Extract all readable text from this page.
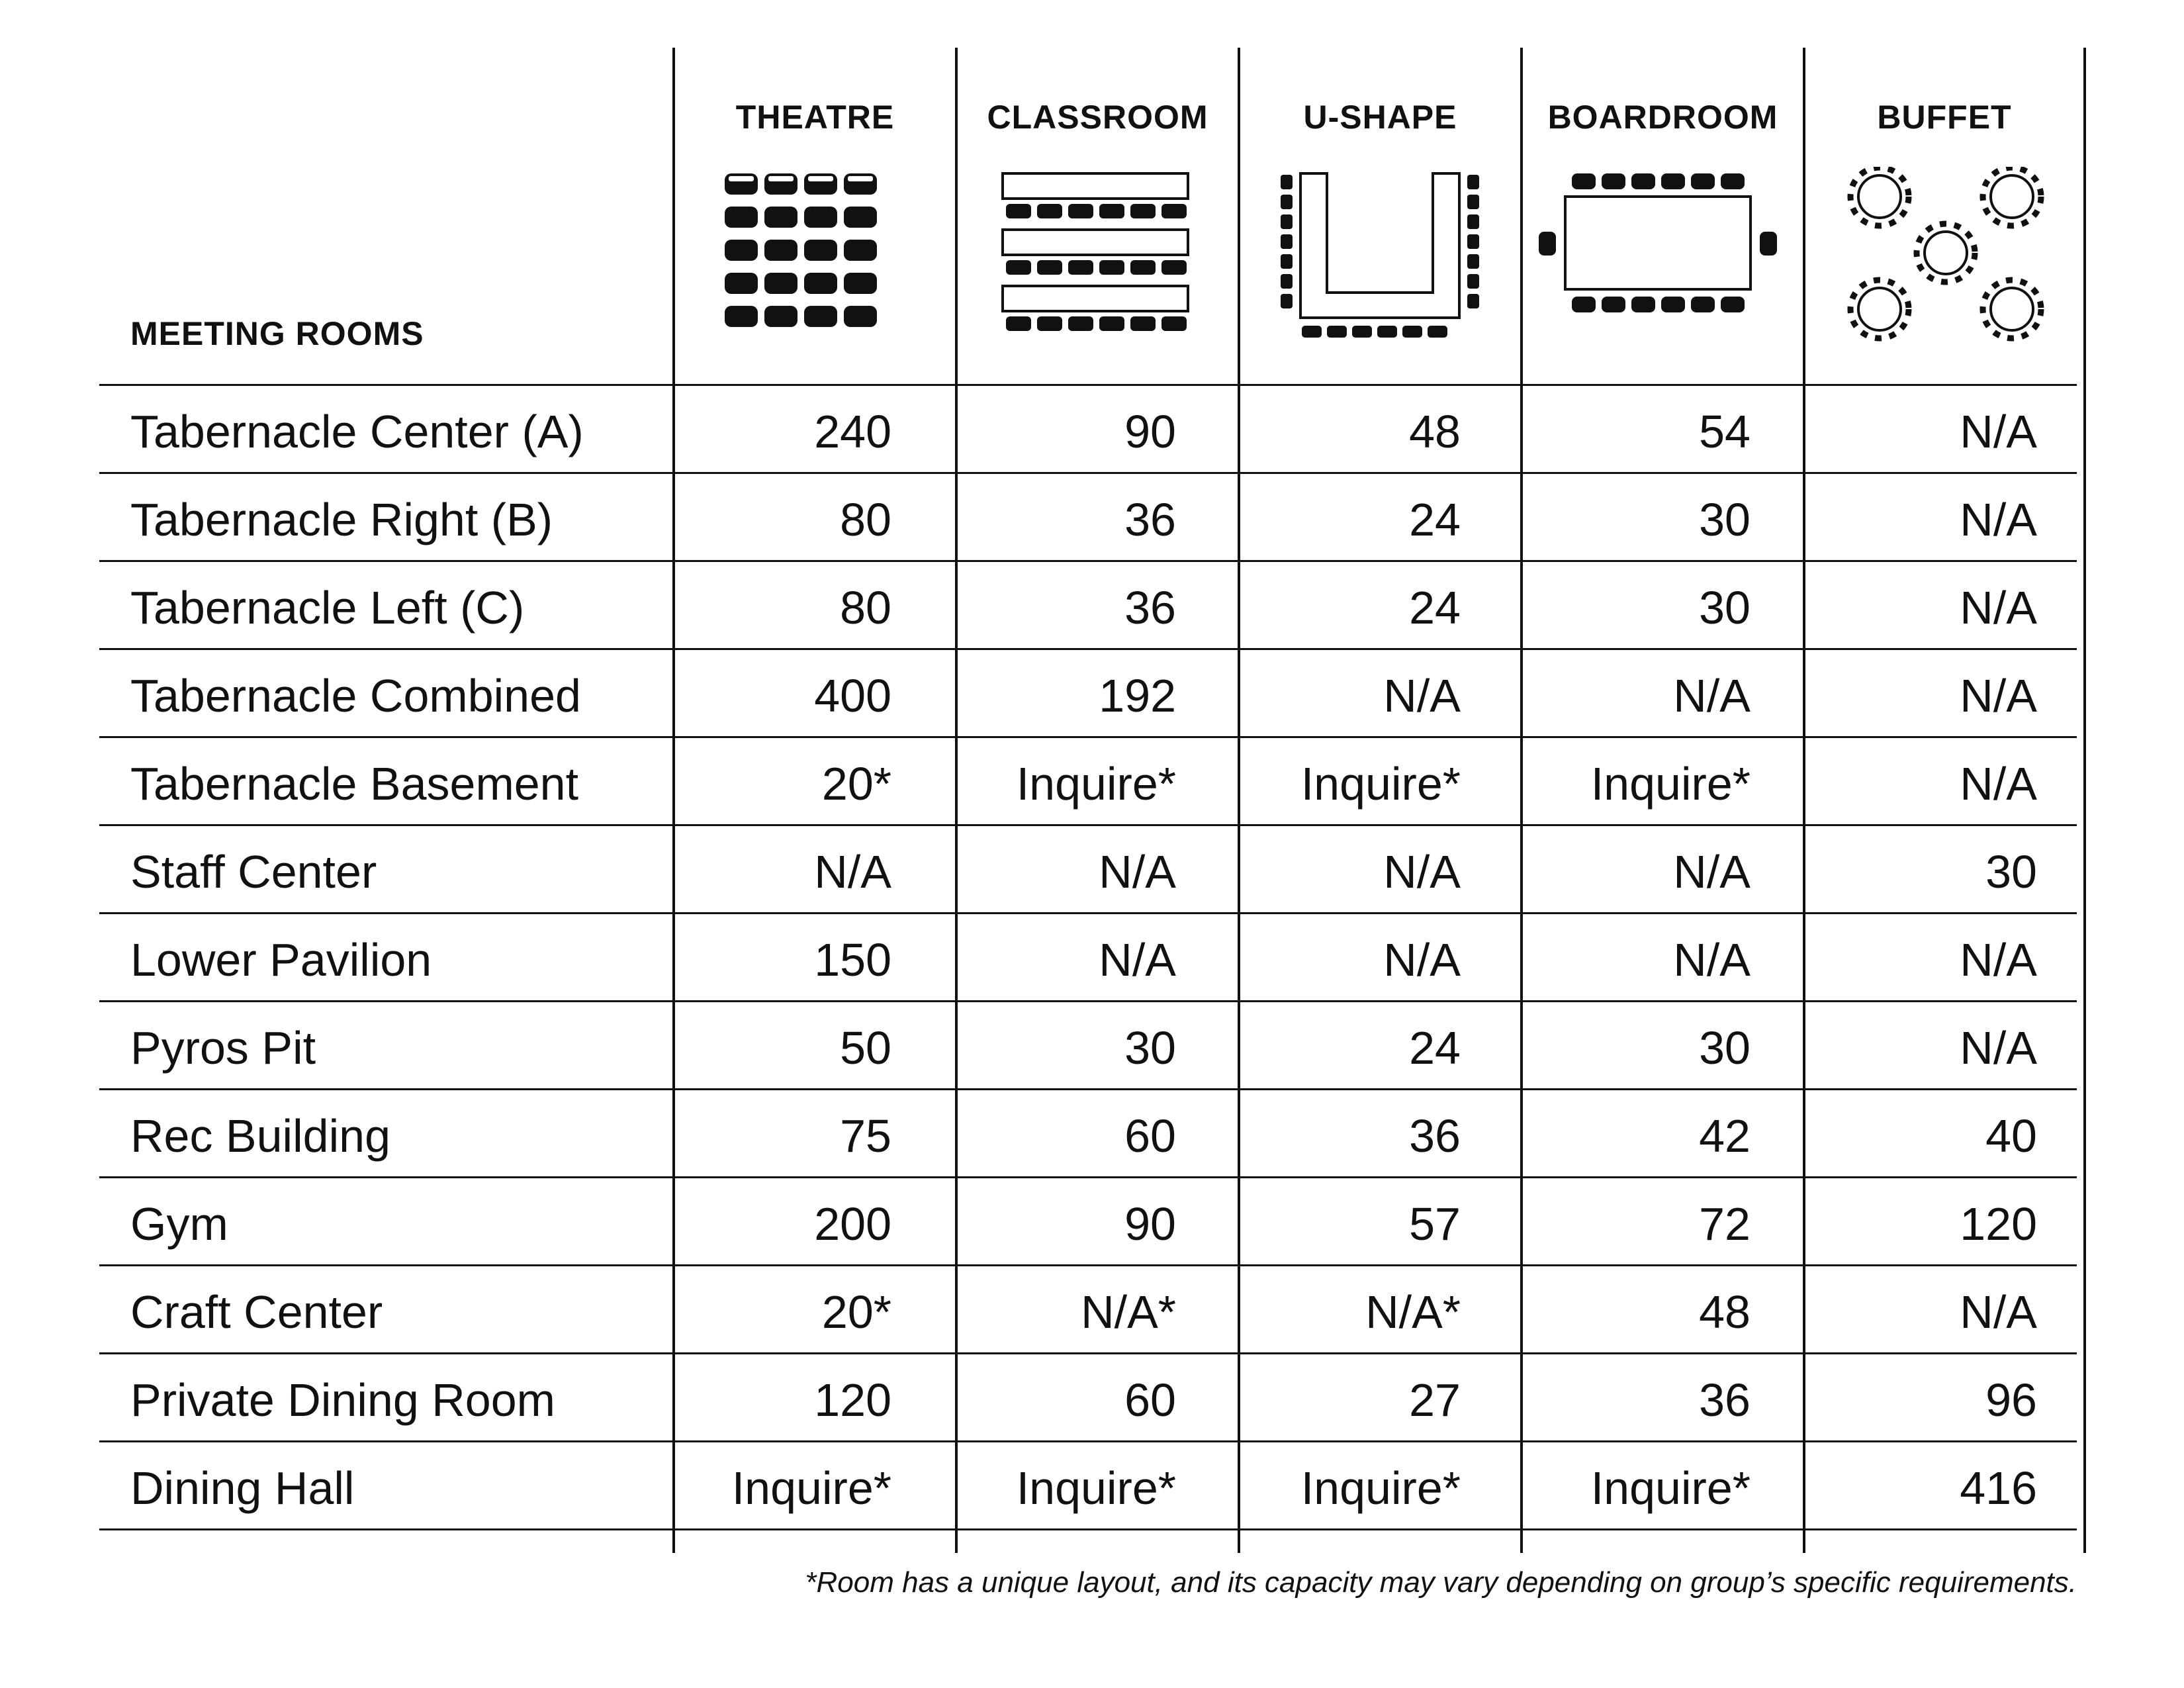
MEETING ROOMS
THEATRE	CLASSROOM	U-SHAPE	BOARDROOM	BUFFET
Tabernacle Center (A)	240	90	48	54	N/A
Tabernacle Right (B)	80	36	24	30	N/A
Tabernacle Left (C)	80	36	24	30	N/A
Tabernacle Combined	400	192	N/A	N/A	N/A
Tabernacle Basement	20*	Inquire*	Inquire*	Inquire*	N/A
Staff Center	N/A	N/A	N/A	N/A	30
Lower Pavilion	150	N/A	N/A	N/A	N/A
Pyros Pit	50	30	24	30	N/A
Rec Building	75	60	36	42	40
Gym	200	90	57	72	120
Craft Center	20*	N/A*	N/A*	48	N/A
Private Dining Room	120	60	27	36	96
Dining Hall	Inquire*	Inquire*	Inquire*	Inquire*	416
*Room has a unique layout, and its capacity may vary depending on group’s specific requirements.
